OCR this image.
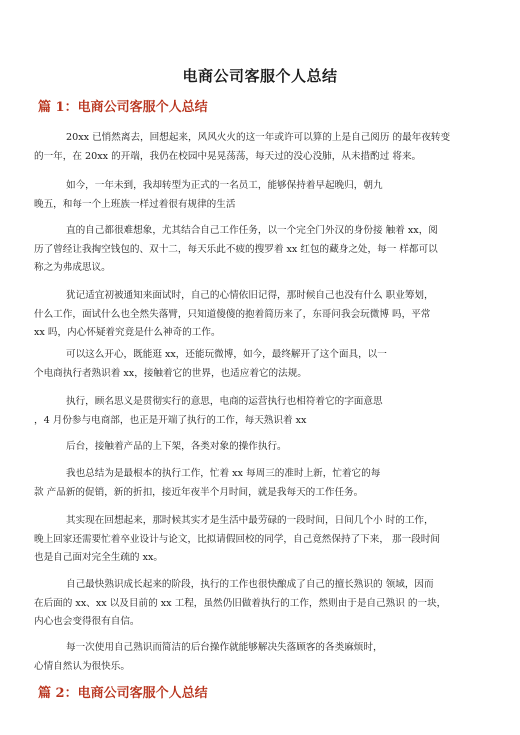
电商公司客服个人总结
篇 1：电商公司客服个人总结
20xx 已悄然离去，回想起来，风风火火的这一年或许可以算的上是自己阅历 的最年夜转变
的一年，在 20xx 的开端，我仍在校园中晃晃荡荡，每天过的没心没肺，从未措酌过 将来。
如今，一年未到，我却转型为正式的一名员工，能够保持着早起晚归，朝九
晚五，和每一个上班族一样过着很有规律的生活
直的自己都很难想象，尤其结合自己工作任务，以一个完全门外汉的身份接 触着 xx，阅
历了曾经让我掏空钱包的、双十二，每天乐此不疲的搜罗着 xx 红包的藏身之处，每一 样都可以
称之为弗成思议。
犹记适宜初被通知来面试时，自己的心情依旧记得，那时候自己也没有什么 职业筹划，
什么工作，面试什么也全然失落臂，只知道傻傻的抱着简历来了，东哥问我会玩微博 吗，平常
xx 吗，内心怀疑着究竟是什么神奇的工作。
可以这么开心，既能逛 xx，还能玩微博，如今，最终解开了这个面具，以一
个电商执行者熟识着 xx，接触着它的世界，也适应着它的法规。
执行，顾名思义是贯彻实行的意思，电商的运营执行也相符着它的字面意思
，4 月份参与电商部，也正是开端了执行的工作，每天熟识着 xx
后台，接触着产品的上下架，各类对象的操作执行。
我也总结为是最根本的执行工作，忙着 xx 每周三的准时上新，忙着它的每
款 产品新的促销，新的折扣，接近年夜半个月时间，就是我每天的工作任务。
其实现在回想起来，那时候其实才是生活中最劳碌的一段时间，日间几个小 时的工作，
晚上回家还需要忙着卒业设计与论文，比拟请假回校的同学，自己竟然保持了下来， 那一段时间
也是自己面对完全生疏的 xx。
自己最快熟识成长起来的阶段，执行的工作也很快酿成了自己的擅长熟识的 领域，因而
在后面的 xx、xx 以及目前的 xx 工程，虽然仍旧做着执行的工作，然则由于是自己熟识 的一块，
内心也会变得很有自信。
每一次使用自己熟识而简洁的后台操作就能够解决失落顾客的各类麻烦时，
心情自然认为很快乐。
篇 2：电商公司客服个人总结
